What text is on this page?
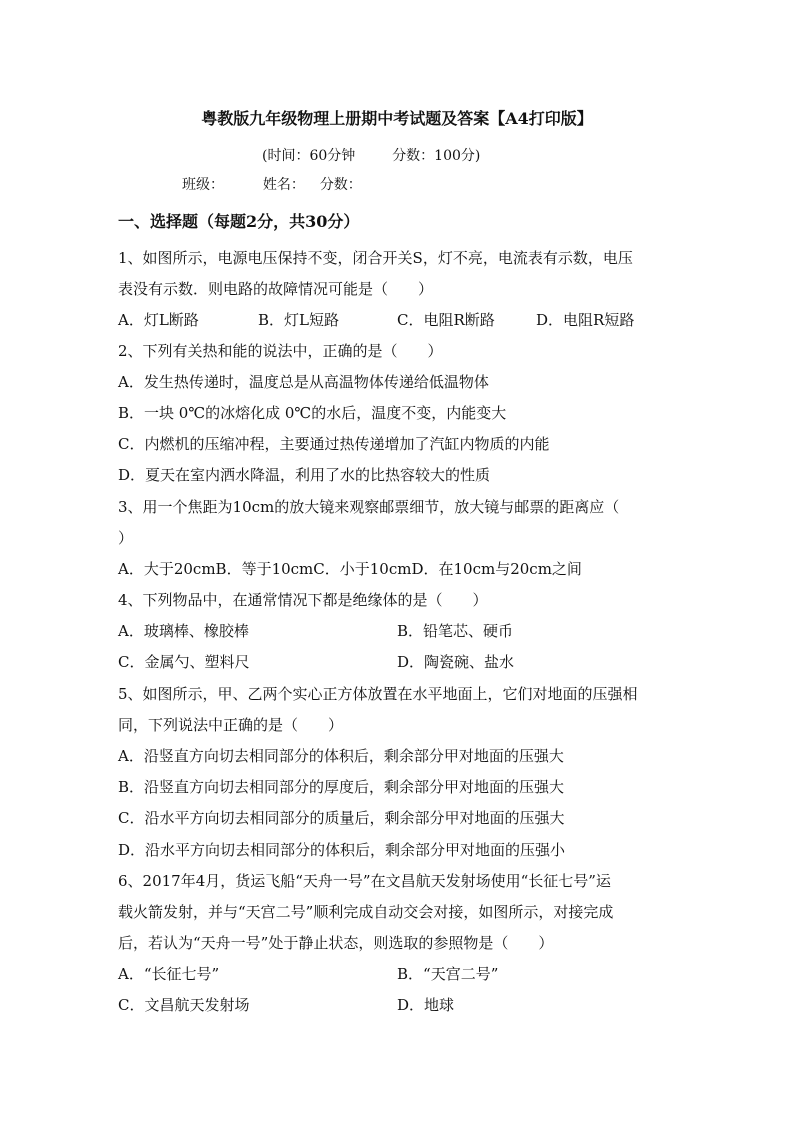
粤教版九年级物理上册期中考试题及答案【A4打印版】
(时间：60分钟	分数：100分)
班级：	姓名： 分数：
一、选择题（每题2分，共30分）
1、如图所示，电源电压保持不变，闭合开关S，灯不亮，电流表有示数，电压
表没有示数．则电路的故障情况可能是（　　）
A．灯L断路	B．灯L短路	C．电阻R断路	D．电阻R短路
2、下列有关热和能的说法中，正确的是（　　）
A．发生热传递时，温度总是从高温物体传递给低温物体
B．一块 0℃的冰熔化成 0℃的水后，温度不变，内能变大
C．内燃机的压缩冲程，主要通过热传递增加了汽缸内物质的内能
D．夏天在室内洒水降温，利用了水的比热容较大的性质
3、用一个焦距为10cm的放大镜来观察邮票细节，放大镜与邮票的距离应（
）
A．大于20cmB．等于10cmC．小于10cmD．在10cm与20cm之间
4、下列物品中，在通常情况下都是绝缘体的是（　　）
A．玻璃棒、橡胶棒	B．铅笔芯、硬币
C．金属勺、塑料尺	D．陶瓷碗、盐水
5、如图所示，甲、乙两个实心正方体放置在水平地面上，它们对地面的压强相
同，下列说法中正确的是（　　）
A．沿竖直方向切去相同部分的体积后，剩余部分甲对地面的压强大
B．沿竖直方向切去相同部分的厚度后，剩余部分甲对地面的压强大
C．沿水平方向切去相同部分的质量后，剩余部分甲对地面的压强大
D．沿水平方向切去相同部分的体积后，剩余部分甲对地面的压强小
6、2017年4月，货运飞船“天舟一号”在文昌航天发射场使用“长征七号”运
载火箭发射，并与“天宫二号”顺利完成自动交会对接，如图所示，对接完成
后，若认为“天舟一号”处于静止状态，则选取的参照物是（　　）
A．“长征七号”	B．“天宫二号”
C．文昌航天发射场	D．地球
